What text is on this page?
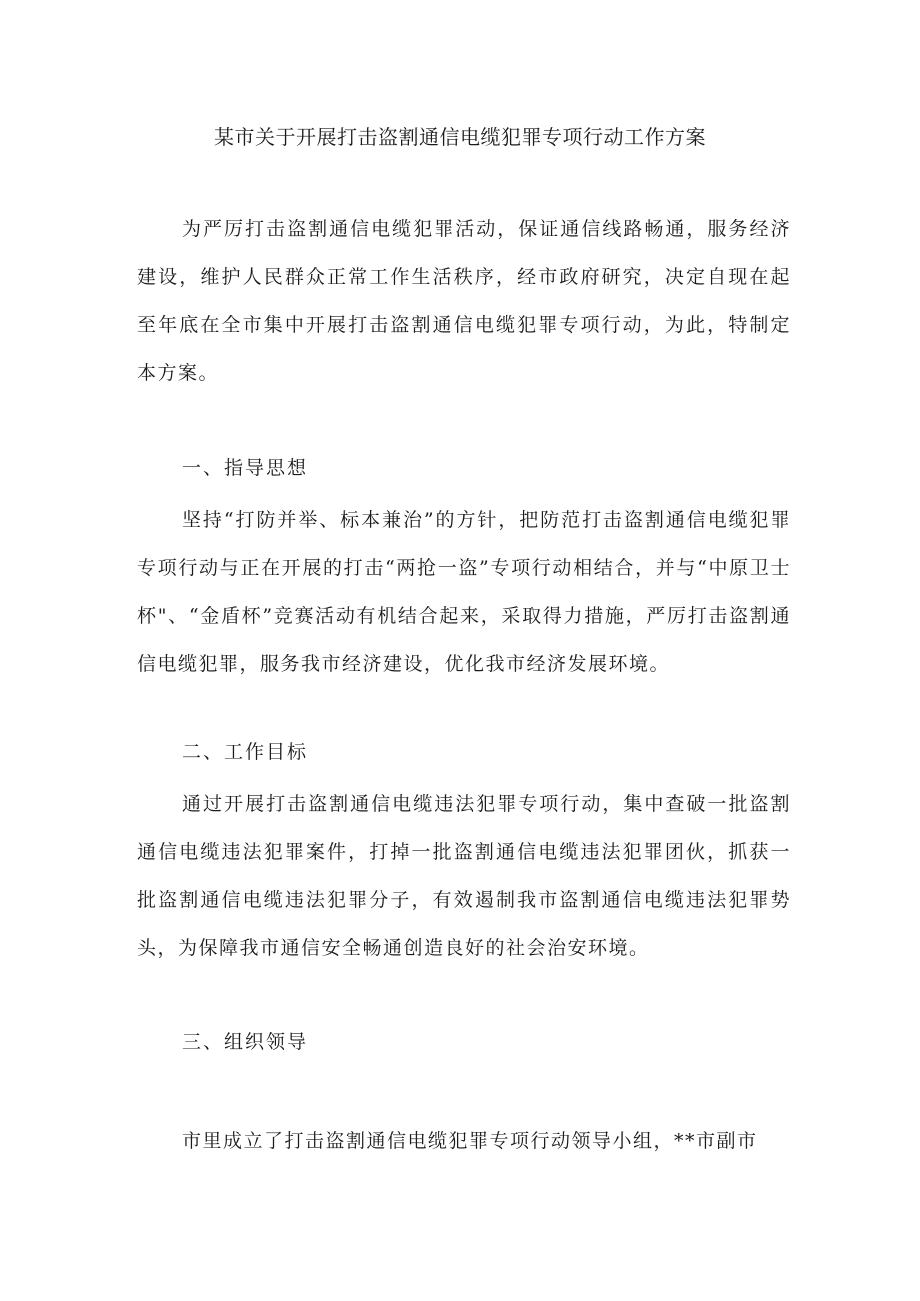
某市关于开展打击盗割通信电缆犯罪专项行动工作方案

为严厉打击盗割通信电缆犯罪活动，保证通信线路畅通，服务经济建设，维护人民群众正常工作生活秩序，经市政府研究，决定自现在起至年底在全市集中开展打击盗割通信电缆犯罪专项行动，为此，特制定本方案。

一、指导思想

坚持“打防并举、标本兼治”的方针，把防范打击盗割通信电缆犯罪专项行动与正在开展的打击“两抢一盗”专项行动相结合，并与“中原卫士杯"、“金盾杯”竞赛活动有机结合起来，采取得力措施，严厉打击盗割通信电缆犯罪，服务我市经济建设，优化我市经济发展环境。

二、工作目标

通过开展打击盗割通信电缆违法犯罪专项行动，集中查破一批盗割通信电缆违法犯罪案件，打掉一批盗割通信电缆违法犯罪团伙，抓获一批盗割通信电缆违法犯罪分子，有效遏制我市盗割通信电缆违法犯罪势头，为保障我市通信安全畅通创造良好的社会治安环境。

三、组织领导

市里成立了打击盗割通信电缆犯罪专项行动领导小组，**市副市
